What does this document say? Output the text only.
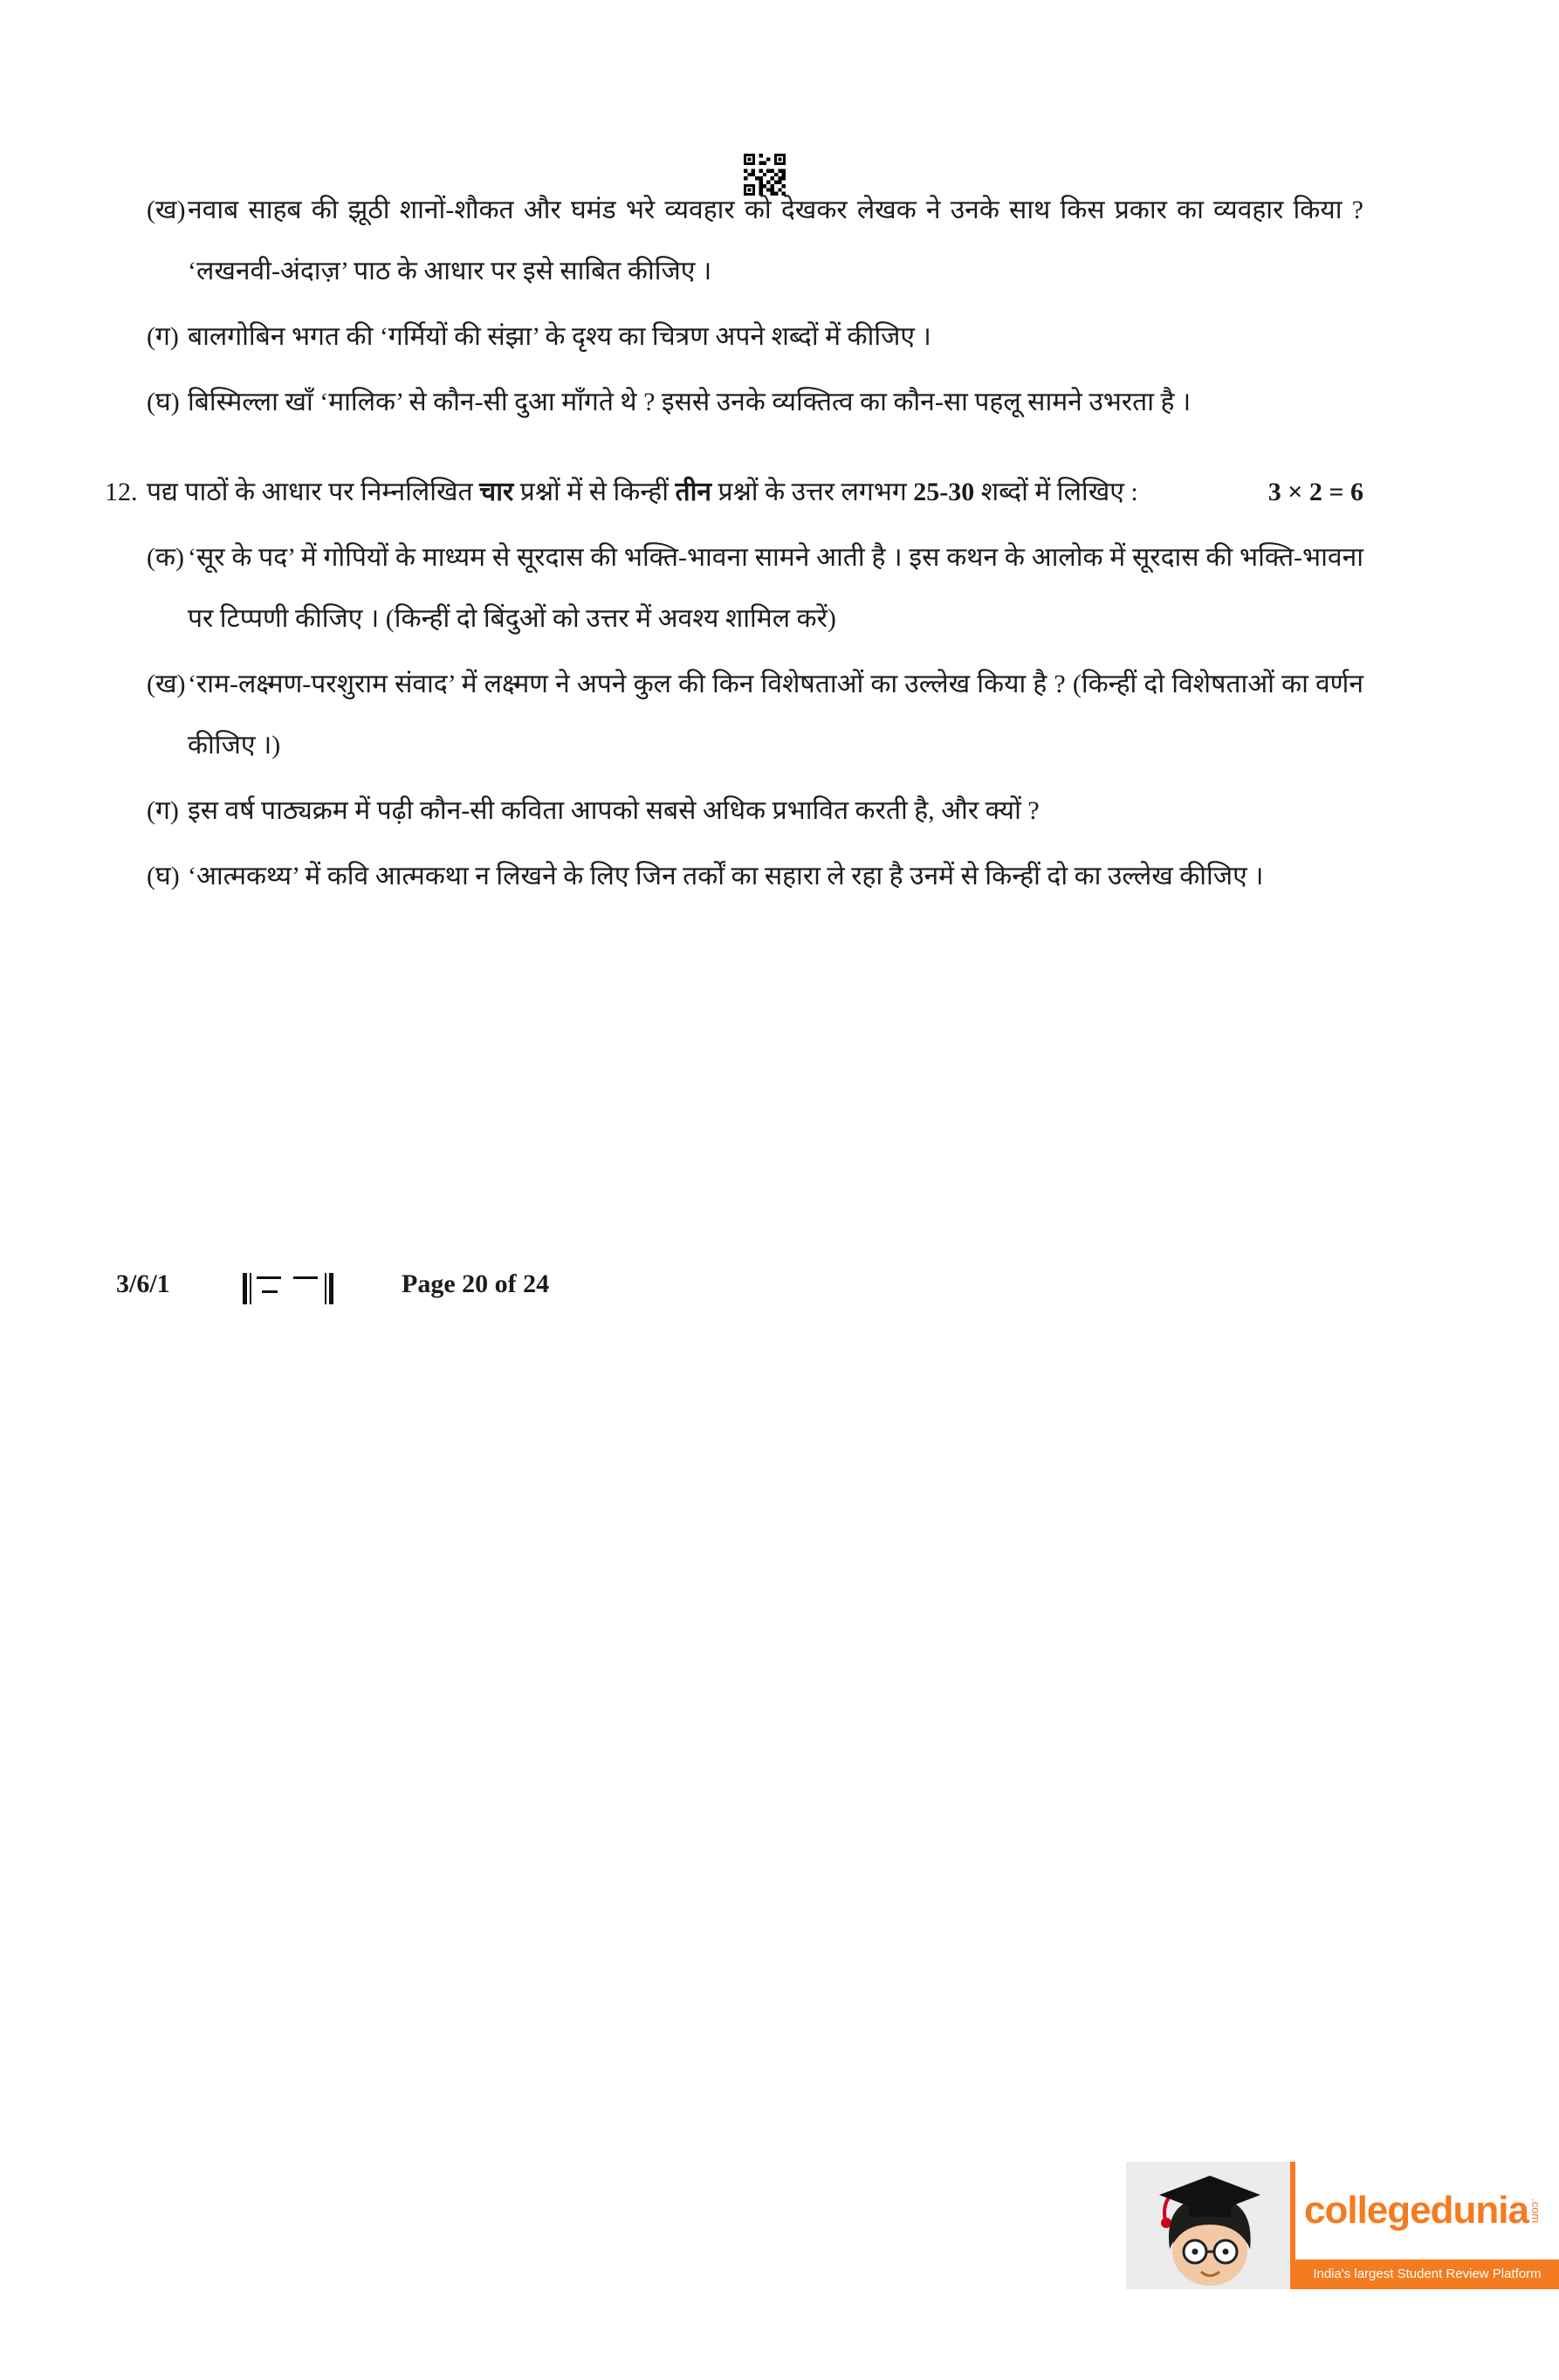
(ख) नवाब साहब की झूठी शानों-शौकत और घमंड भरे व्यवहार को देखकर लेखक ने उनके साथ किस प्रकार का व्यवहार किया ? ‘लखनवी-अंदाज़’ पाठ के आधार पर इसे साबित कीजिए ।

(ग) बालगोबिन भगत की ‘गर्मियों की संझा’ के दृश्य का चित्रण अपने शब्दों में कीजिए ।

(घ) बिस्मिल्ला खाँ ‘मालिक’ से कौन-सी दुआ माँगते थे ? इससे उनके व्यक्तित्व का कौन-सा पहलू सामने उभरता है ।

12. पद्य पाठों के आधार पर निम्नलिखित चार प्रश्नों में से किन्हीं तीन प्रश्नों के उत्तर लगभग 25-30 शब्दों में लिखिए :	3 × 2 = 6

(क) ‘सूर के पद’ में गोपियों के माध्यम से सूरदास की भक्ति-भावना सामने आती है । इस कथन के आलोक में सूरदास की भक्ति-भावना पर टिप्पणी कीजिए । (किन्हीं दो बिंदुओं को उत्तर में अवश्य शामिल करें)

(ख) ‘राम-लक्ष्मण-परशुराम संवाद’ में लक्ष्मण ने अपने कुल की किन विशेषताओं का उल्लेख किया है ? (किन्हीं दो विशेषताओं का वर्णन कीजिए ।)

(ग) इस वर्ष पाठ्यक्रम में पढ़ी कौन-सी कविता आपको सबसे अधिक प्रभावित करती है, और क्यों ?

(घ) ‘आत्मकथ्य’ में कवि आत्मकथा न लिखने के लिए जिन तर्कों का सहारा ले रहा है उनमें से किन्हीं दो का उल्लेख कीजिए ।

3/6/1	Page 20 of 24
collegedunia .com
India's largest Student Review Platform
